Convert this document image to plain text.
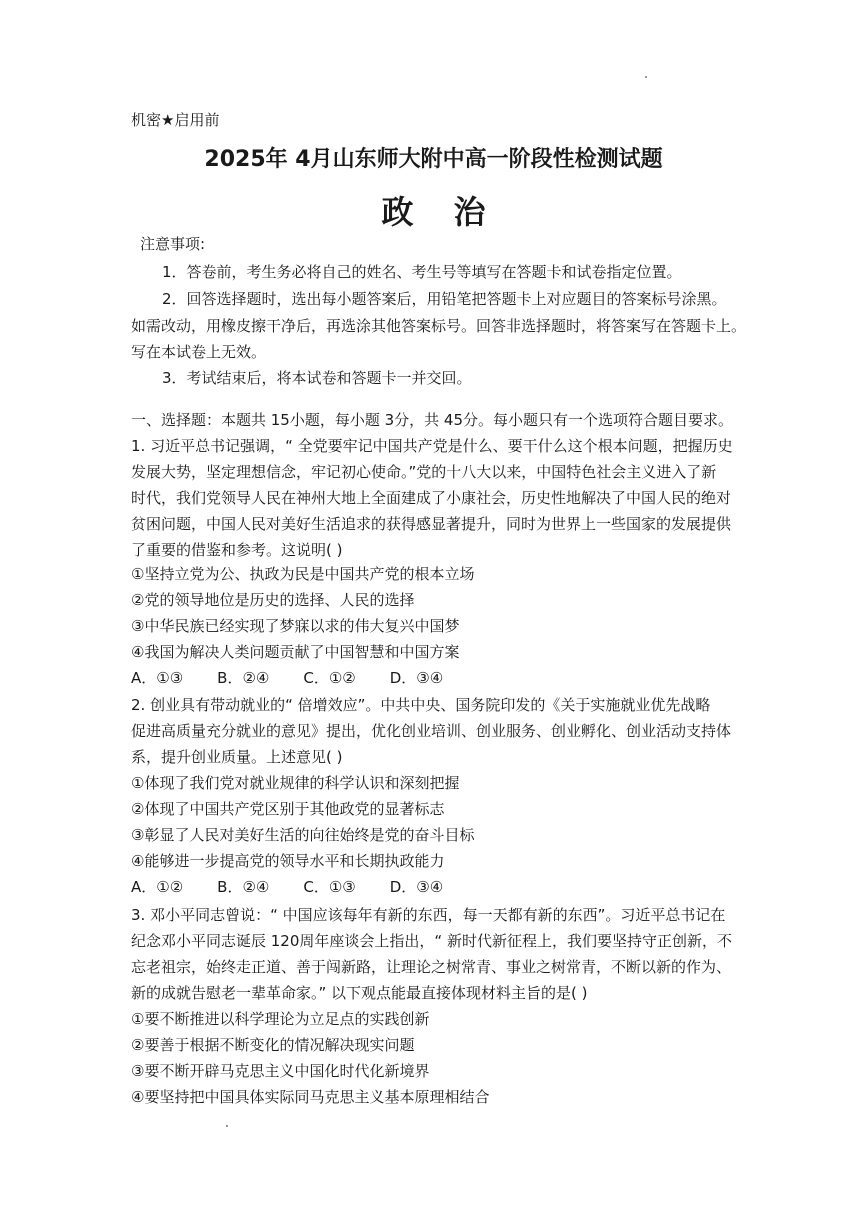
机密★启用前
2025年 4月山东师大附中高一阶段性检测试题
政治
注意事项:
1．答卷前，考生务必将自己的姓名、考生号等填写在答题卡和试卷指定位置。
2．回答选择题时，选出每小题答案后，用铅笔把答题卡上对应题目的答案标号涂黑。
如需改动，用橡皮擦干净后，再选涂其他答案标号。回答非选择题时，将答案写在答题卡上。
写在本试卷上无效。
3．考试结束后，将本试卷和答题卡一并交回。
一、选择题：本题共 15小题，每小题 3分，共 45分。每小题只有一个选项符合题目要求。
1. 习近平总书记强调，“ 全党要牢记中国共产党是什么、要干什么这个根本问题，把握历史
发展大势，坚定理想信念，牢记初心使命。”党的十八大以来，中国特色社会主义进入了新
时代，我们党领导人民在神州大地上全面建成了小康社会，历史性地解决了中国人民的绝对
贫困问题，中国人民对美好生活追求的获得感显著提升，同时为世界上一些国家的发展提供
了重要的借鉴和参考。这说明( )
①坚持立党为公、执政为民是中国共产党的根本立场
②党的领导地位是历史的选择、人民的选择
③中华民族已经实现了梦寐以求的伟大复兴中国梦
④我国为解决人类问题贡献了中国智慧和中国方案
A．①③ B．②④ C．①② D．③④
2. 创业具有带动就业的“ 倍增效应”。中共中央、国务院印发的《关于实施就业优先战略
促进高质量充分就业的意见》提出，优化创业培训、创业服务、创业孵化、创业活动支持体
系，提升创业质量。上述意见( )
①体现了我们党对就业规律的科学认识和深刻把握
②体现了中国共产党区别于其他政党的显著标志
③彰显了人民对美好生活的向往始终是党的奋斗目标
④能够进一步提高党的领导水平和长期执政能力
A．①② B．②④ C．①③ D．③④
3. 邓小平同志曾说：“ 中国应该每年有新的东西，每一天都有新的东西”。习近平总书记在
纪念邓小平同志诞辰 120周年座谈会上指出，“ 新时代新征程上，我们要坚持守正创新，不
忘老祖宗，始终走正道、善于闯新路，让理论之树常青、事业之树常青，不断以新的作为、
新的成就告慰老一辈革命家。” 以下观点能最直接体现材料主旨的是( )
①要不断推进以科学理论为立足点的实践创新
②要善于根据不断变化的情况解决现实问题
③要不断开辟马克思主义中国化时代化新境界
④要坚持把中国具体实际同马克思主义基本原理相结合
